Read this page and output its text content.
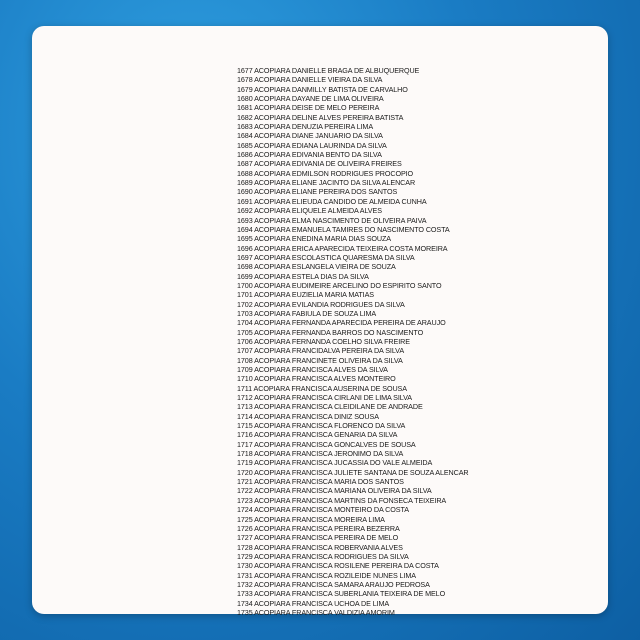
1677 ACOPIARA DANIELLE BRAGA DE ALBUQUERQUE
1678 ACOPIARA DANIELLE VIEIRA DA SILVA
1679 ACOPIARA DANMILLY BATISTA DE CARVALHO
1680 ACOPIARA DAYANE DE LIMA OLIVEIRA
1681 ACOPIARA DEISE DE MELO PEREIRA
1682 ACOPIARA DELINE ALVES PEREIRA BATISTA
1683 ACOPIARA DENUZIA PEREIRA LIMA
1684 ACOPIARA DIANE JANUARIO DA SILVA
1685 ACOPIARA EDIANA LAURINDA DA SILVA
1686 ACOPIARA EDIVANIA BENTO DA SILVA
1687 ACOPIARA EDIVANIA DE OLIVEIRA FREIRES
1688 ACOPIARA EDMILSON RODRIGUES PROCOPIO
1689 ACOPIARA ELIANE JACINTO DA SILVA ALENCAR
1690 ACOPIARA ELIANE PEREIRA DOS SANTOS
1691 ACOPIARA ELIEUDA CANDIDO DE ALMEIDA CUNHA
1692 ACOPIARA ELIQUELE ALMEIDA ALVES
1693 ACOPIARA ELMA NASCIMENTO DE OLIVEIRA PAIVA
1694 ACOPIARA EMANUELA TAMIRES DO NASCIMENTO COSTA
1695 ACOPIARA ENEDINA MARIA DIAS SOUZA
1696 ACOPIARA ERICA APARECIDA TEIXEIRA COSTA MOREIRA
1697 ACOPIARA ESCOLASTICA QUARESMA DA SILVA
1698 ACOPIARA ESLANGELA VIEIRA DE SOUZA
1699 ACOPIARA ESTELA DIAS DA SILVA
1700 ACOPIARA EUDIMEIRE ARCELINO DO ESPIRITO SANTO
1701 ACOPIARA EUZIELIA MARIA MATIAS
1702 ACOPIARA EVILANDIA RODRIGUES DA SILVA
1703 ACOPIARA FABIULA DE SOUZA LIMA
1704 ACOPIARA FERNANDA APARECIDA PEREIRA DE ARAUJO
1705 ACOPIARA FERNANDA BARROS DO NASCIMENTO
1706 ACOPIARA FERNANDA COELHO SILVA FREIRE
1707 ACOPIARA FRANCIDALVA PEREIRA DA SILVA
1708 ACOPIARA FRANCINETE OLIVEIRA DA SILVA
1709 ACOPIARA FRANCISCA ALVES DA SILVA
1710 ACOPIARA FRANCISCA ALVES MONTEIRO
1711 ACOPIARA FRANCISCA AUSERINA DE SOUSA
1712 ACOPIARA FRANCISCA CIRLANI DE LIMA SILVA
1713 ACOPIARA FRANCISCA CLEIDILANE DE ANDRADE
1714 ACOPIARA FRANCISCA DINIZ SOUSA
1715 ACOPIARA FRANCISCA FLORENCO DA SILVA
1716 ACOPIARA FRANCISCA GENARIA DA SILVA
1717 ACOPIARA FRANCISCA GONCALVES DE SOUSA
1718 ACOPIARA FRANCISCA JERONIMO DA SILVA
1719 ACOPIARA FRANCISCA JUCASSIA DO VALE ALMEIDA
1720 ACOPIARA FRANCISCA JULIETE SANTANA DE SOUZA ALENCAR
1721 ACOPIARA FRANCISCA MARIA DOS SANTOS
1722 ACOPIARA FRANCISCA MARIANA OLIVEIRA DA SILVA
1723 ACOPIARA FRANCISCA MARTINS DA FONSECA TEIXEIRA
1724 ACOPIARA FRANCISCA MONTEIRO DA COSTA
1725 ACOPIARA FRANCISCA MOREIRA LIMA
1726 ACOPIARA FRANCISCA PEREIRA BEZERRA
1727 ACOPIARA FRANCISCA PEREIRA DE MELO
1728 ACOPIARA FRANCISCA ROBERVANIA ALVES
1729 ACOPIARA FRANCISCA RODRIGUES DA SILVA
1730 ACOPIARA FRANCISCA ROSILENE PEREIRA DA COSTA
1731 ACOPIARA FRANCISCA ROZILEIDE NUNES LIMA
1732 ACOPIARA FRANCISCA SAMARA ARAUJO PEDROSA
1733 ACOPIARA FRANCISCA SUBERLANIA TEIXEIRA DE MELO
1734 ACOPIARA FRANCISCA UCHOA DE LIMA
1735 ACOPIARA FRANCISCA VALDIZIA AMORIM
